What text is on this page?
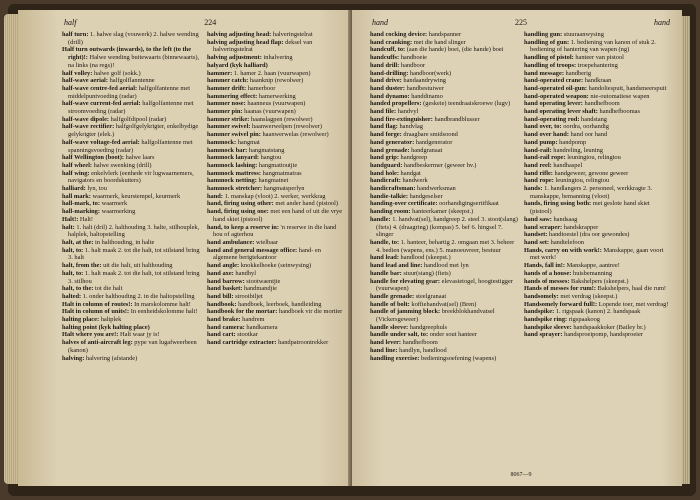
half	224

half turn: 1. halwe slag (vouwerk) 2. halwe wending (drill)

Half turn outwards (inwards), to the left (to the right)!: Halwe wending buitewaarts (binnewaarts), na links (na regs)!

half volley: halwe golf (sokk.)

half-wave aerial: halfgolflanntenne

half-wave centre-fed aerial: halfgolfantenne met middelpuntvoeding (radar)

half-wave current-fed aerial: halfgolfantenne met stroomvoeding (radar)

half-wave dipole: halfgolfdipool (radar)

half-wave rectifier: halfgolfgelykrigter, enkelbydige gelykrigter (elek.)

half-wave voltage-fed aerial: halfgolfantenne met spanningsvoeding (radar)

half Wellington (boot): halwe laars

half wheel: halwe swenking (drill)

half wing: enkelvlerk (eenhede vir lugwaarnemers, navigators en boordskutters)

halliard: lyn, tou

hall mark: waarmerk, keurstempel, keurmerk

hall-mark, to: waarmerk

hall-marking: waarmerking

Halt!: Halt!

halt: 1. halt (dril) 2. halthouding 3. halte, stilhouplek, halplek, haltopstelling

halt, at the: in halthouding, in halte

halt, to: 1. halt maak 2. tot die halt, tot stilstand bring 3. halt

halt, from the: uit die halt, uit halthouding

halt, to: 1. halt maak 2. tot die halt, tot stilstand bring 3. stilhou

halt, to the: tot die halt

halted: 1. onder halthouding 2. in die haltopstelling

Halt in column of routes!: In marskolomme halt!

Halt in column of units!: In eenheidskolomme halt!

halting place: haltplek

halting point (kyk halting place)

Halt where you are!: Halt waar jy is!

halves of anti-aircraft leg: pype van lugafweerbeen (kanon)

halving: halvering (afstande)

halving adjusting head: halveringstelrat

halving adjusting head flap: deksel van halveringstelrat

halving adjustment: inhalvering

halyard (kyk halliard)

hammer: 1. hamer 2. haan (vuurwapen)

hammer catch: haanknip (rewolwer)

hammer drift: hamerboor

hammering effect: hamerwerking

hammer nose: haanneus (vuurwapen)

hammer pin: haanas (vuurwapen)

hammer strike: haanslagpen (rewolwer)

hammer swivel: haanwerwelpen (rewolwer)

hammer swivel pin: haanwerwelas (rewolwer)

hammock: hangmat

hammock bar: hangmatstang

hammock lanyard: hangtou

hammock lashing: hangmattoutjie

hammock mattress: hangmatmatras

hammock netting: hangmatnet

hammock stretcher: hangmatsperlyn

hand: 1. manskap (vloot) 2. werker, werkkrag

hand, firing using other: met ander hand (pistool)

hand, firing using one: met een hand of uit die vrye hand skiet (pistool)

hand, to keep a reserve in: 'n reserwe in die hand hou of agterhou

hand ambulance: wielbaar

hand and general message office: hand- en algemene berigtekantoor

hand angle: knokkelhoeke (seinwysing)

hand axe: handbyl

hand barrow: stootwaentjie

hand basket: handmandjie

hand bill: strooibiljet

handbook: handboek, leerboek, handleiding

handbook for the mortar: handboek vir die mortier

hand brake: handrem

hand camera: handkamera

hand cart: stootkar

hand cartridge extractor: handpatroontrekker

hand	225	hand

hand cocking device: handspanner

hand cranking: met die hand slinger

handcuff, to: (aan die hande) boei, (die hande) boei

handcuffs: handboeie

hand drill: handboor

hand-drilling: handboor(werk)

hand drive: handaandrywing

hand duster: handbestuiwer

hand dynamo: handdinamo

handed propellers: (geskeie) teendraaiskroewe (lugv)

hand file: handvyl

hand fire-extinguisher: handbrandblusser

hand flag: handvlag

hand forge: draagbare smidsoond

hand generator: handgenerator

hand grenade: handgranaat

hand grip: handgreep

handguard: handbeskermer (geweer hv.)

hand hole: handgat

handicraft: handwerk

handicraftsman: handwerksman

handie-talkie: handgeselser

handing-over certificate: oorhandigingsertifikaat

handing room: hanteerkamer (skeepst.)

handle: 1. handvat(sel), handgreep 2. steel 3. stoot(slang) (fiets) 4. (draagring) (kompas) 5. bef 6. hingsel 7. slinger

handle, to: 1. hanteer, behartig 2. omgaan met 3. beheer 4. bedien (wapens, ens.) 5. manoeuvreer, bestuur

hand lead: handlood (skeepst.)

hand lead and line: handlood met lyn

handle bar: stuur(stang) (fiets)

handle for elevating gear: elevasietogel, hoogtestigger (vuurwapen)

handle grenade: steelgranaat

handle of bolt: koffiehandvat(sel) (Bren)

handle of jamming block: breekblokhandvatsel (Vickersgeweer)

handle sleeve: handgreephuls

handle under salt, to: onder sout hanteer

hand lever: handhefboom

hand line: handlyn, handlood

handling exercise: bedieningsoefening (wapens)

handling gun: stuuraanwysing

handling of gun: 1. bediening van kanon of stuk 2. bediening of hantering van wapen (ng)

handling of pistol: hanteer van pistool

handling of troops: troepehantering

hand message: handberig

hand-operated crane: handkraan

hand-operated oil-gun: handoliespuit, handsmeerspuit

hand-operated weapon: nie-outomatiese wapen

hand operating lever: handhefboom

hand operating lever shaft: handhefboomas

hand-operating rod: handstang

hand over, to: oordra, oorhandig

hand over hand: hand oor hand

hand pump: handpomp

hand-rail: handreling, leuning

hand-rail rope: leuningtou, relingtou

hand reel: handhaspel

hand rifle: handgeweer, gewone geweer

hand rope: leuningtou, relingtou

hands: 1. handlangers 2. personeel, werkkragte 3. manskappe, bemanning (vloot)

hands, firing using both: met geslote hand skiet (pistool)

hand saw: handsaag

hand scraper: handskrapper

handset: handtoestel (dra oor gewondes)

hand set: handtelefoon

Hands, carry on with work!: Manskappe, gaan voort met werk!

Hands, fall in!: Manskappe, aantree!

hands of a house: huisbemanning

hands of messes: Bakshelpers (skeepst.)

Hands of messes for rum!: Bakshelpers, haal die rum!

handsomely: met verdrag (skeepst.)

Handsomely forward full!: Lopende toer, met verdrag!

handspike: 1. rigspaak (kanon) 2. handspaak

handspike ring: rigspaakoog

handspike sleeve: handspaakkoker (Bailey br.)

hand sprayer: handsproeipomp, handsproeier

8067—9
